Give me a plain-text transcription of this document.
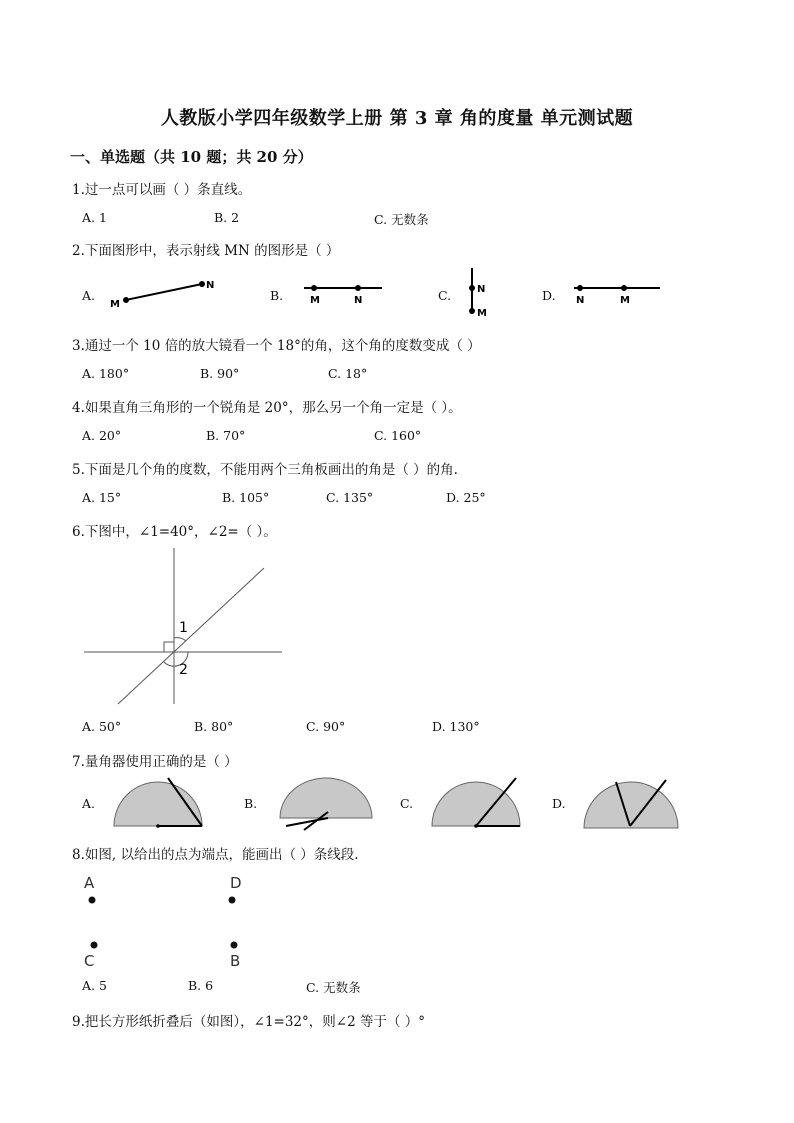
人教版小学四年级数学上册 第 3 章 角的度量 单元测试题
一、单选题（共 10 题；共 20 分）
1.过一点可以画（ ）条直线。
A. 1	B. 2	C. 无数条
2.下面图形中，表示射线 MN 的图形是（ ）
A.
M
N
B.	M	N	C.	N
M
D. N	M
3.通过一个 10 倍的放大镜看一个 18°的角，这个角的度数变成（ ）
A. 180°	B. 90°	C. 18°
4.如果直角三角形的一个锐角是 20°，那么另一个角一定是（ ）。
A. 20°	B. 70°	C. 160°
5.下面是几个角的度数，不能用两个三角板画出的角是（ ）的角.
A. 15°	B. 105°	C. 135°	D. 25°
6.下图中，∠1=40°，∠2=（ ）。
1
2
A. 50°	B. 80°	C. 90°	D. 130°
7.量角器使用正确的是（ ）
A.	B.	C.	D.
8.如图, 以给出的点为端点，能画出（ ）条线段.
A	D
C	B
A. 5	B. 6	C. 无数条
9.把长方形纸折叠后（如图），∠1=32°，则∠2 等于（ ）°
